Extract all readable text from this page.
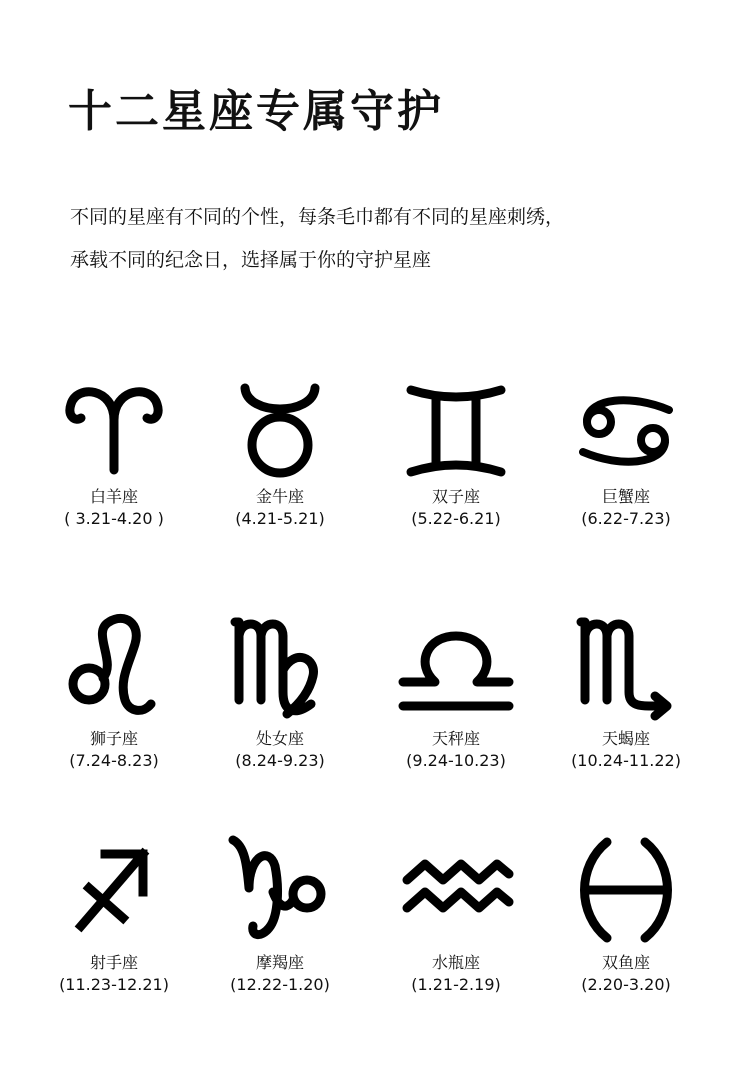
十二星座专属守护

不同的星座有不同的个性，每条毛巾都有不同的星座刺绣，
承载不同的纪念日，选择属于你的守护星座

白羊座
( 3.21-4.20 )
金牛座
(4.21-5.21)
双子座
(5.22-6.21)
巨蟹座
(6.22-7.23)
狮子座
(7.24-8.23)
处女座
(8.24-9.23)
天秤座
(9.24-10.23)
天蝎座
(10.24-11.22)
射手座
(11.23-12.21)
摩羯座
(12.22-1.20)
水瓶座
(1.21-2.19)
双鱼座
(2.20-3.20)
